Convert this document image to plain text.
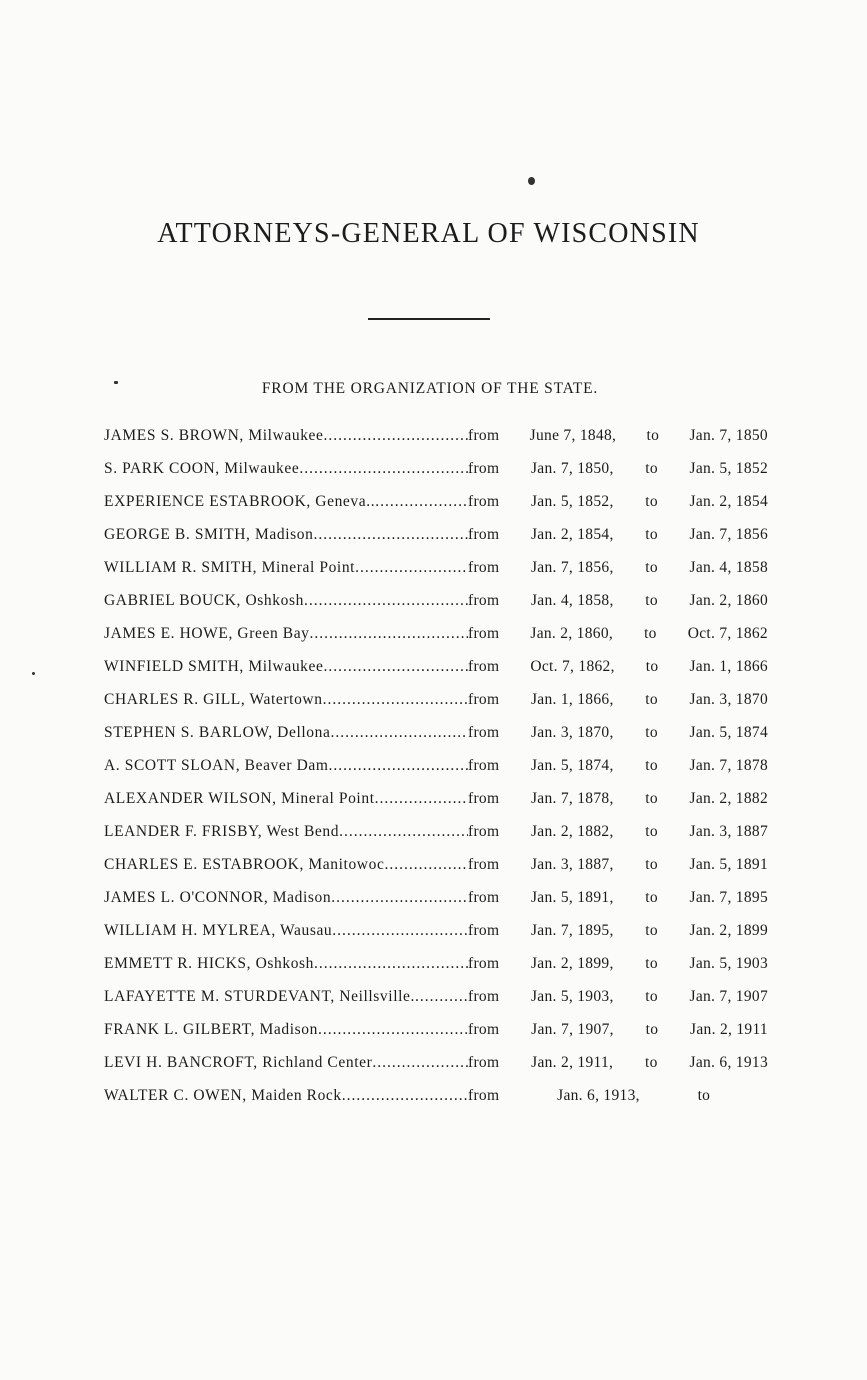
ATTORNEYS-GENERAL OF WISCONSIN
FROM THE ORGANIZATION OF THE STATE.
JAMES S. BROWN, Milwaukee .....	from June 7, 1848, to Jan. 7, 1850
S. PARK COON, Milwaukee .....	from Jan. 7, 1850, to Jan. 5, 1852
EXPERIENCE ESTABROOK, Geneva.. .....	from Jan. 5, 1852, to Jan. 2, 1854
GEORGE B. SMITH, Madison .....	from Jan. 2, 1854, to Jan. 7, 1856
WILLIAM R. SMITH, Mineral Point .....	from Jan. 7, 1856, to Jan. 4, 1858
GABRIEL BOUCK, Oshkosh .....	from Jan. 4, 1858, to Jan. 2, 1860
JAMES E. HOWE, Green Bay .....	from Jan. 2, 1860, to Oct. 7, 1862
WINFIELD SMITH, Milwaukee .....	from Oct. 7, 1862, to Jan. 1, 1866
CHARLES R. GILL, Watertown .....	from Jan. 1, 1866, to Jan. 3, 1870
STEPHEN S. BARLOW, Dellona .....	from Jan. 3, 1870, to Jan. 5, 1874
A. SCOTT SLOAN, Beaver Dam .....	from Jan. 5, 1874, to Jan. 7, 1878
ALEXANDER WILSON, Mineral Point .....	from Jan. 7, 1878, to Jan. 2, 1882
LEANDER F. FRISBY, West Bend .....	from Jan. 2, 1882, to Jan. 3, 1887
CHARLES E. ESTABROOK, Manitowoc .....	from Jan. 3, 1887, to Jan. 5, 1891
JAMES L. O'CONNOR, Madison .....	from Jan. 5, 1891, to Jan. 7, 1895
WILLIAM H. MYLREA, Wausau .....	from Jan. 7, 1895, to Jan. 2, 1899
EMMETT R. HICKS, Oshkosh .....	from Jan. 2, 1899, to Jan. 5, 1903
LAFAYETTE M. STURDEVANT, Neillsville. .....	from Jan. 5, 1903, to Jan. 7, 1907
FRANK L. GILBERT, Madison .....	from Jan. 7, 1907, to Jan. 2, 1911
LEVI H. BANCROFT, Richland Center .....	from Jan. 2, 1911, to Jan. 6, 1913
WALTER C. OWEN, Maiden Rock .....	from	Jan. 6, 1913,	to
